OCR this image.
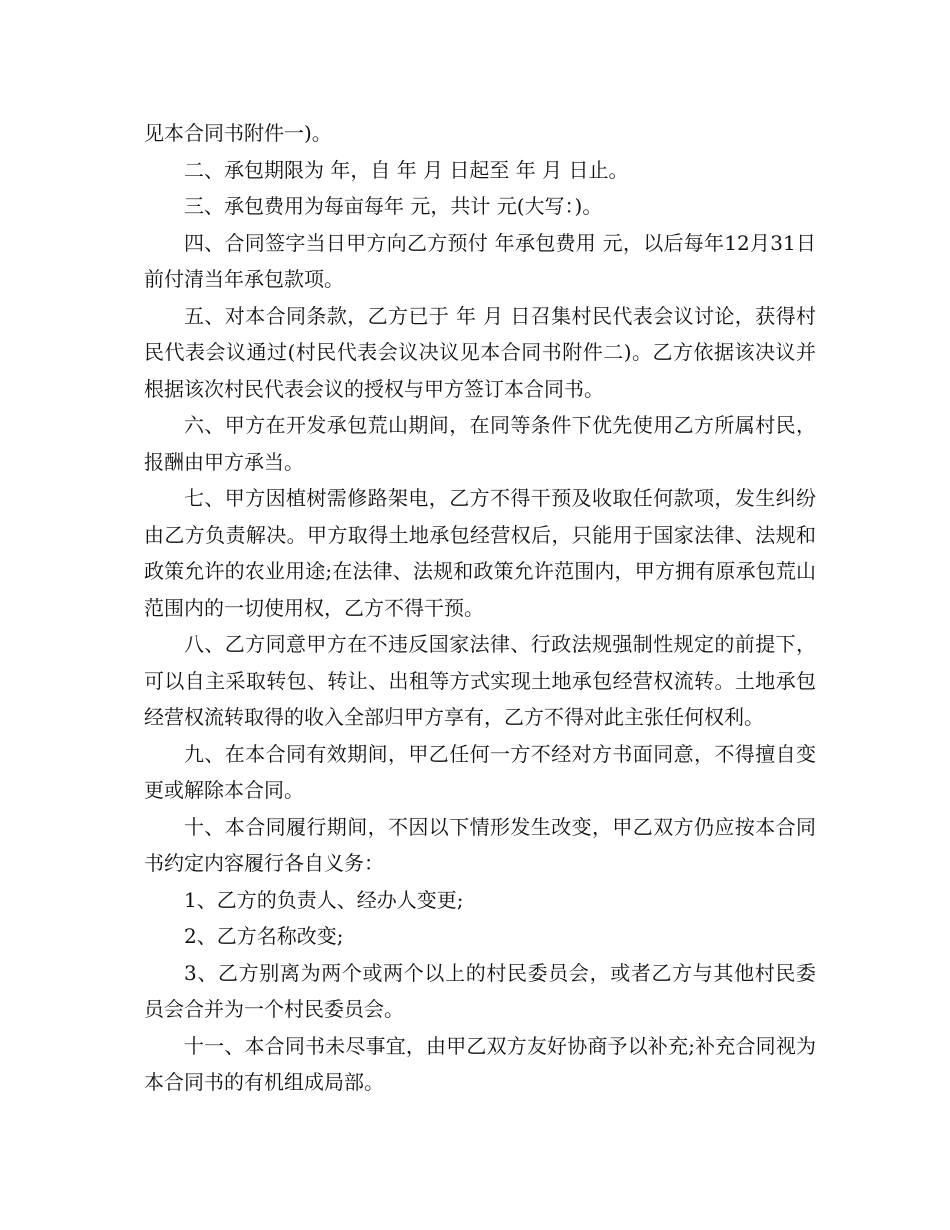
见本合同书附件一)。

二、承包期限为 年，自 年 月 日起至 年 月 日止。

三、承包费用为每亩每年 元，共计 元(大写：)。

四、合同签字当日甲方向乙方预付 年承包费用 元，以后每年12月31日前付清当年承包款项。

五、对本合同条款，乙方已于 年 月 日召集村民代表会议讨论，获得村民代表会议通过(村民代表会议决议见本合同书附件二)。乙方依据该决议并根据该次村民代表会议的授权与甲方签订本合同书。

六、甲方在开发承包荒山期间，在同等条件下优先使用乙方所属村民，报酬由甲方承当。

七、甲方因植树需修路架电，乙方不得干预及收取任何款项，发生纠纷由乙方负责解决。甲方取得土地承包经营权后，只能用于国家法律、法规和政策允许的农业用途;在法律、法规和政策允许范围内，甲方拥有原承包荒山范围内的一切使用权，乙方不得干预。

八、乙方同意甲方在不违反国家法律、行政法规强制性规定的前提下，可以自主采取转包、转让、出租等方式实现土地承包经营权流转。土地承包经营权流转取得的收入全部归甲方享有，乙方不得对此主张任何权利。

九、在本合同有效期间，甲乙任何一方不经对方书面同意，不得擅自变更或解除本合同。

十、本合同履行期间，不因以下情形发生改变，甲乙双方仍应按本合同书约定内容履行各自义务：

1、乙方的负责人、经办人变更;

2、乙方名称改变;

3、乙方别离为两个或两个以上的村民委员会，或者乙方与其他村民委员会合并为一个村民委员会。

十一、本合同书未尽事宜，由甲乙双方友好协商予以补充;补充合同视为本合同书的有机组成局部。
